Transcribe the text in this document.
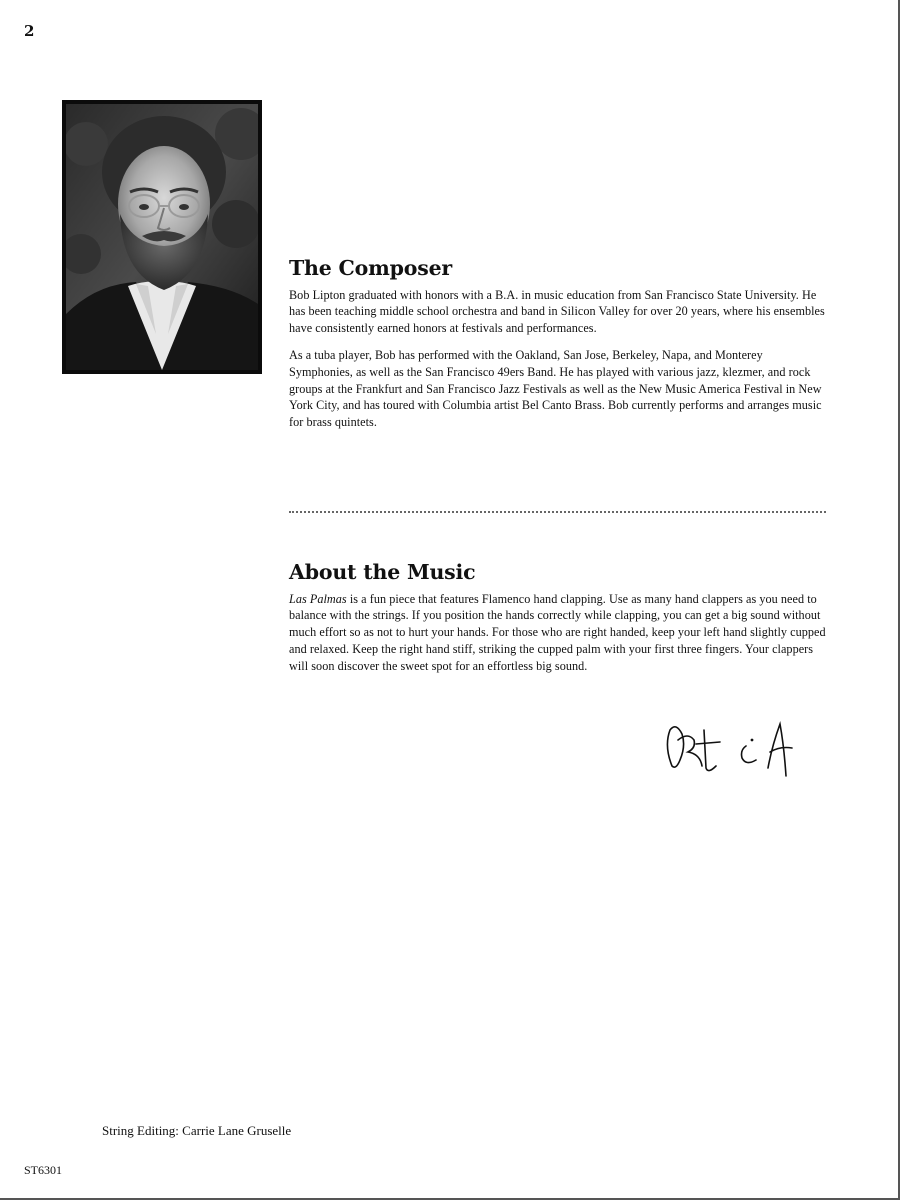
2
The Composer

Bob Lipton graduated with honors with a B.A. in music education from San Francisco State University. He has been teaching middle school orchestra and band in Silicon Valley for over 20 years, where his ensembles have consistently earned honors at festivals and performances.

As a tuba player, Bob has performed with the Oakland, San Jose, Berkeley, Napa, and Monterey Symphonies, as well as the San Francisco 49ers Band. He has played with various jazz, klezmer, and rock groups at the Frankfurt and San Francisco Jazz Festivals as well as the New Music America Festival in New York City, and has toured with Columbia artist Bel Canto Brass. Bob currently performs and arranges music for brass quintets.

About the Music

Las Palmas is a fun piece that features Flamenco hand clapping. Use as many hand clappers as you need to balance with the strings. If you position the hands correctly while clapping, you can get a big sound without much effort so as not to hurt your hands. For those who are right handed, keep your left hand slightly cupped and relaxed. Keep the right hand stiff, striking the cupped palm with your first three fingers. Your clappers will soon discover the sweet spot for an effortless big sound.

String Editing: Carrie Lane Gruselle
ST6301
